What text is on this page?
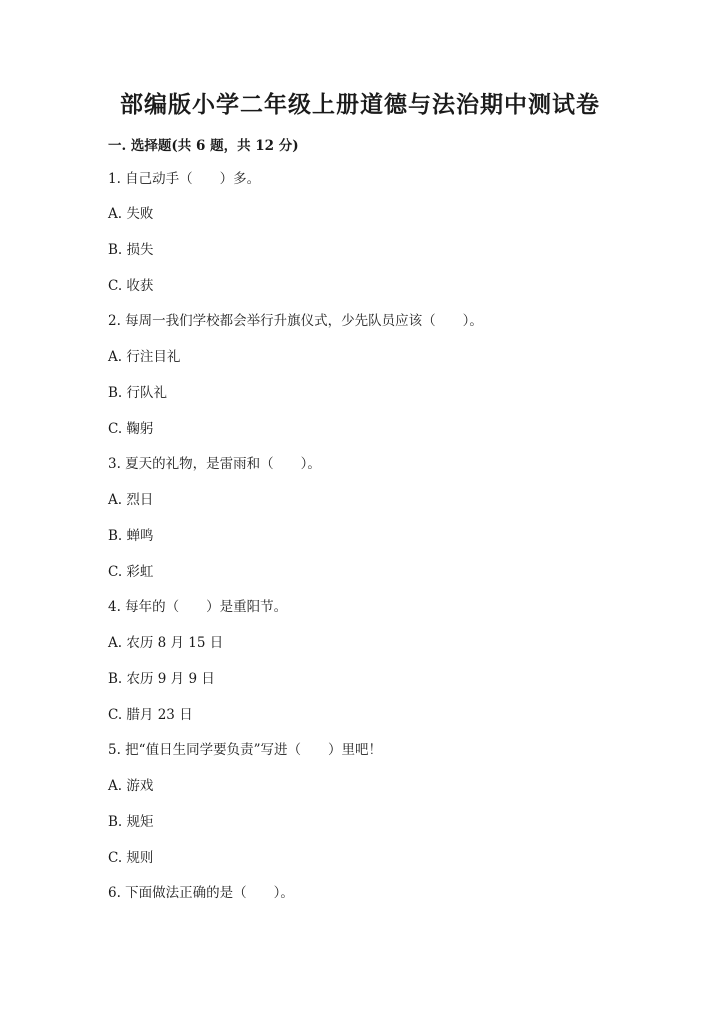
部编版小学二年级上册道德与法治期中测试卷
一. 选择题(共 6 题，共 12 分)
1. 自己动手（　　）多。
A. 失败
B. 损失
C. 收获
2. 每周一我们学校都会举行升旗仪式，少先队员应该（　　）。
A. 行注目礼
B. 行队礼
C. 鞠躬
3. 夏天的礼物，是雷雨和（　　）。
A. 烈日
B. 蝉鸣
C. 彩虹
4. 每年的（　　）是重阳节。
A. 农历 8 月 15 日
B. 农历 9 月 9 日
C. 腊月 23 日
5. 把“值日生同学要负责”写进（　　）里吧！
A. 游戏
B. 规矩
C. 规则
6. 下面做法正确的是（　　）。
